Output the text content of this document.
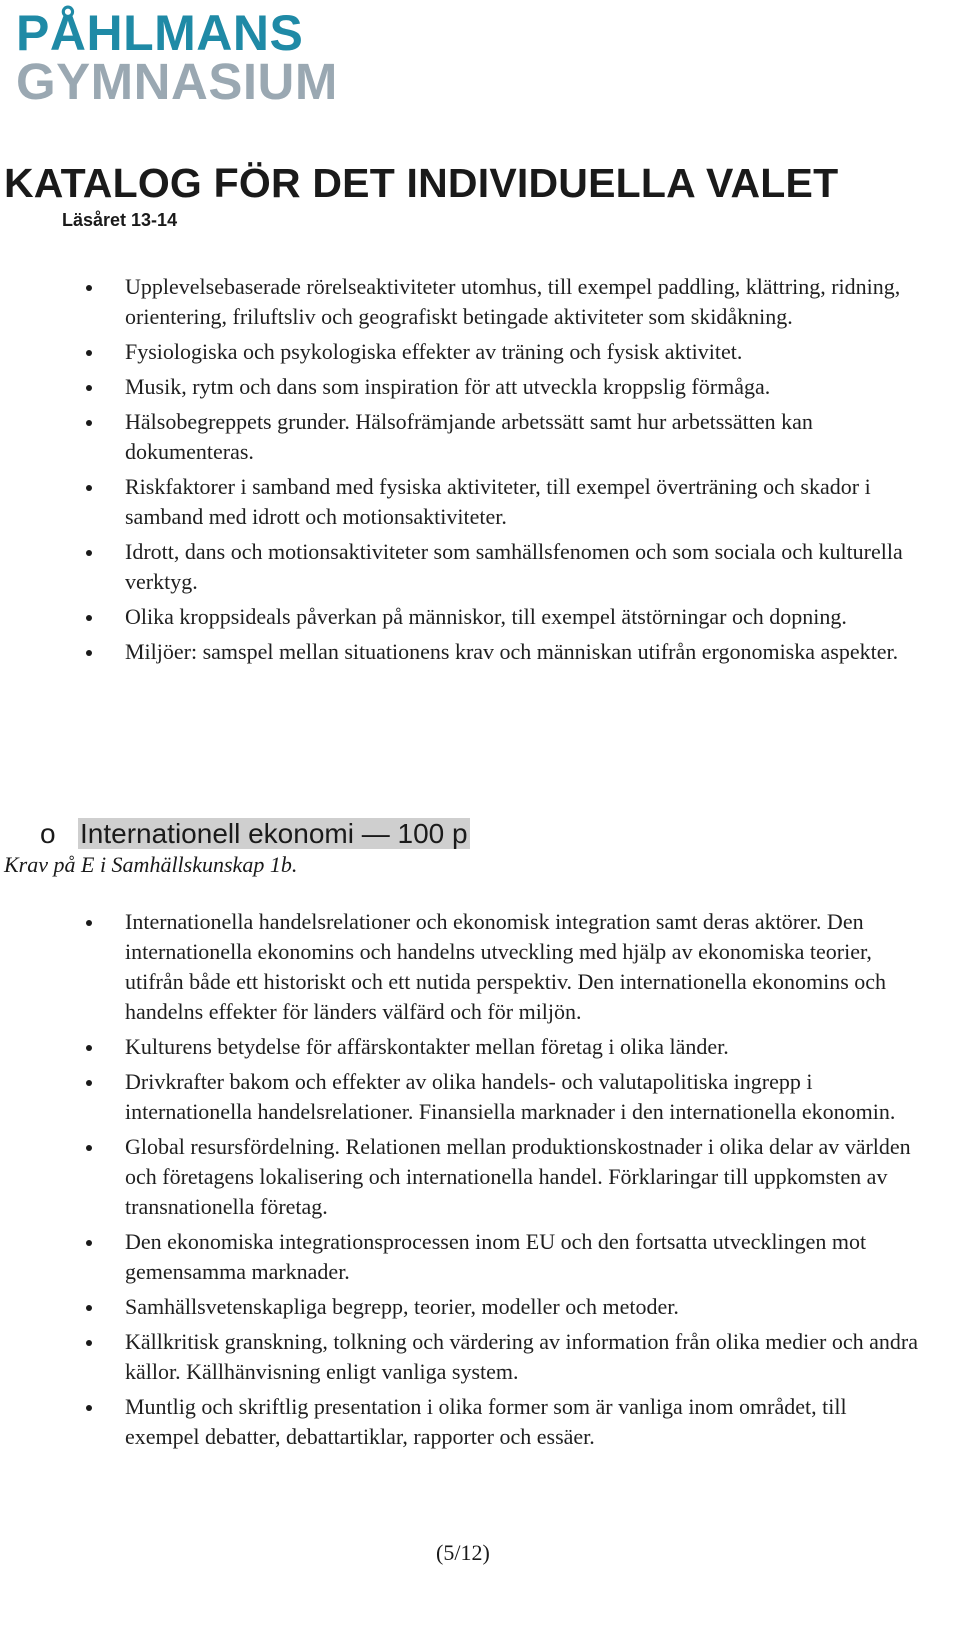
PÅHLMANS
GYMNASIUM
KATALOG FÖR DET INDIVIDUELLA VALET
Läsåret 13-14
Upplevelsebaserade rörelseaktiviteter utomhus, till exempel paddling, klättring, ridning, orientering, friluftsliv och geografiskt betingade aktiviteter som skidåkning.
Fysiologiska och psykologiska effekter av träning och fysisk aktivitet.
Musik, rytm och dans som inspiration för att utveckla kroppslig förmåga.
Hälsobegreppets grunder. Hälsofrämjande arbetssätt samt hur arbetssätten kan dokumenteras.
Riskfaktorer i samband med fysiska aktiviteter, till exempel överträning och skador i samband med idrott och motionsaktiviteter.
Idrott, dans och motionsaktiviteter som samhällsfenomen och som sociala och kulturella verktyg.
Olika kroppsideals påverkan på människor, till exempel ätstörningar och dopning.
Miljöer: samspel mellan situationens krav och människan utifrån ergonomiska aspekter.
o Internationell ekonomi — 100 p
Krav på E i Samhällskunskap 1b.
Internationella handelsrelationer och ekonomisk integration samt deras aktörer. Den internationella ekonomins och handelns utveckling med hjälp av ekonomiska teorier, utifrån både ett historiskt och ett nutida perspektiv. Den internationella ekonomins och handelns effekter för länders välfärd och för miljön.
Kulturens betydelse för affärskontakter mellan företag i olika länder.
Drivkrafter bakom och effekter av olika handels- och valutapolitiska ingrepp i internationella handelsrelationer. Finansiella marknader i den internationella ekonomin.
Global resursfördelning. Relationen mellan produktionskostnader i olika delar av världen och företagens lokalisering och internationella handel. Förklaringar till uppkomsten av transnationella företag.
Den ekonomiska integrationsprocessen inom EU och den fortsatta utvecklingen mot gemensamma marknader.
Samhällsvetenskapliga begrepp, teorier, modeller och metoder.
Källkritisk granskning, tolkning och värdering av information från olika medier och andra källor. Källhänvisning enligt vanliga system.
Muntlig och skriftlig presentation i olika former som är vanliga inom området, till exempel debatter, debattartiklar, rapporter och essäer.
(5/12)
